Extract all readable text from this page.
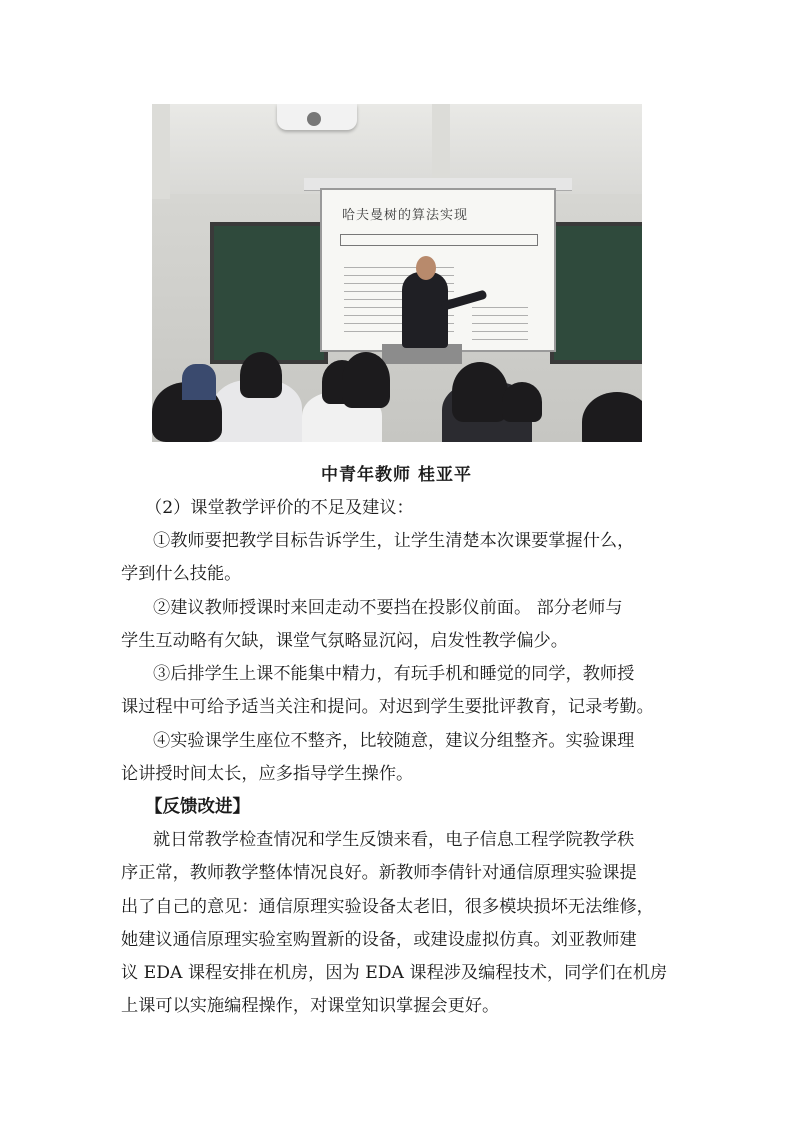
哈夫曼树的算法实现
中青年教师 桂亚平
（2）课堂教学评价的不足及建议：
①教师要把教学目标告诉学生，让学生清楚本次课要掌握什么，
学到什么技能。
②建议教师授课时来回走动不要挡在投影仪前面。 部分老师与
学生互动略有欠缺，课堂气氛略显沉闷，启发性教学偏少。
③后排学生上课不能集中精力，有玩手机和睡觉的同学，教师授
课过程中可给予适当关注和提问。对迟到学生要批评教育，记录考勤。
④实验课学生座位不整齐，比较随意，建议分组整齐。实验课理
论讲授时间太长，应多指导学生操作。
【反馈改进】
就日常教学检查情况和学生反馈来看，电子信息工程学院教学秩
序正常，教师教学整体情况良好。新教师李倩针对通信原理实验课提
出了自己的意见：通信原理实验设备太老旧，很多模块损坏无法维修，
她建议通信原理实验室购置新的设备，或建设虚拟仿真。刘亚教师建
议 EDA 课程安排在机房，因为 EDA 课程涉及编程技术，同学们在机房
上课可以实施编程操作，对课堂知识掌握会更好。
